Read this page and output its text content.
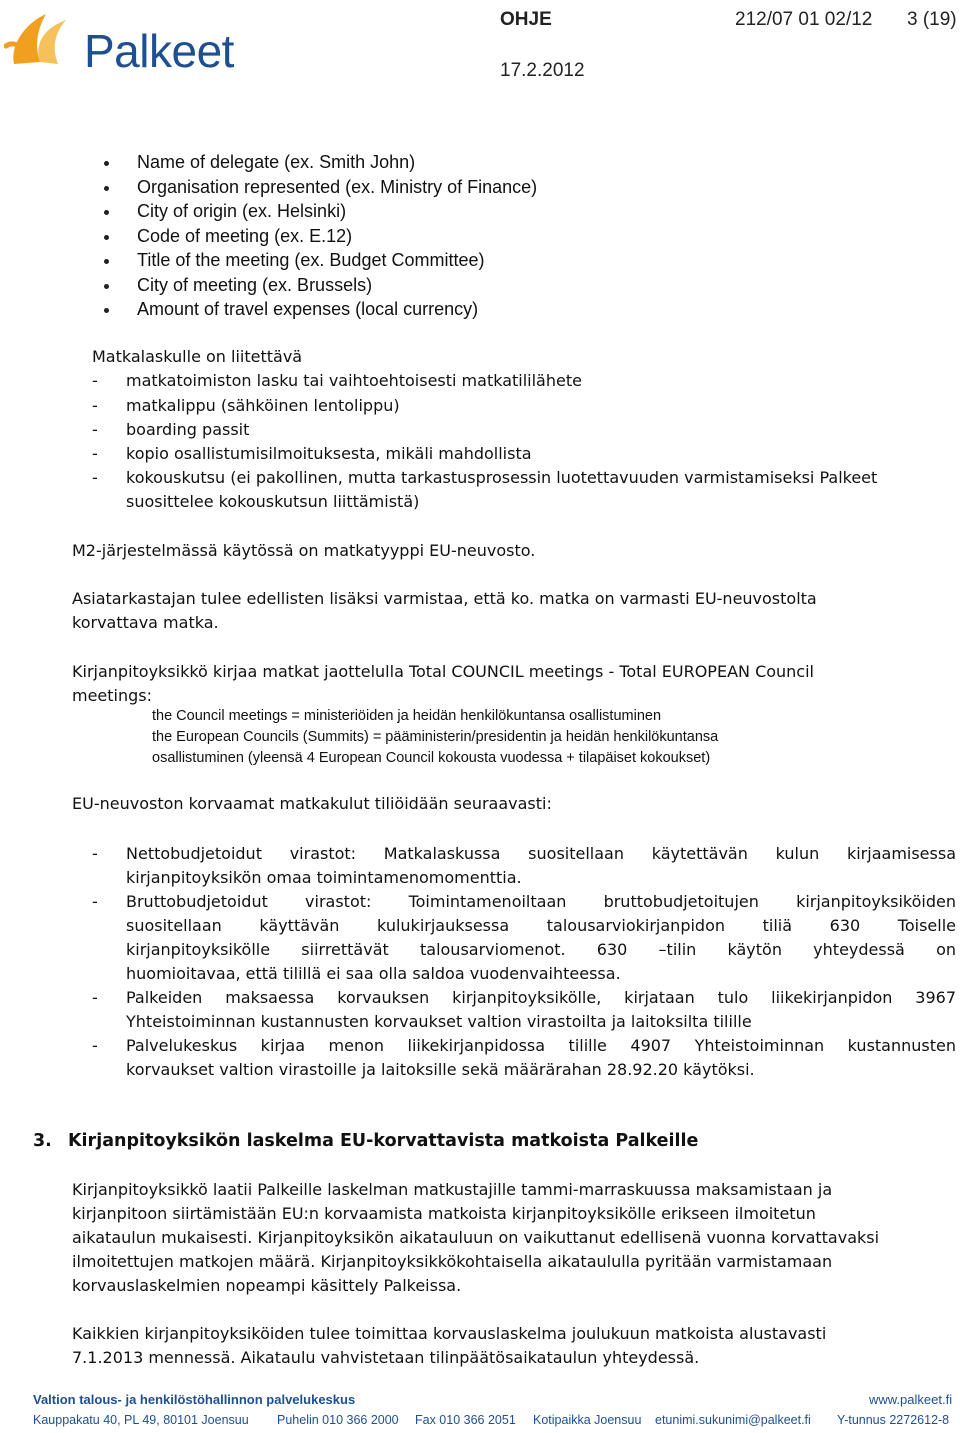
Palkeet
OHJE	212/07 01 02/12 3 (19)
17.2.2012
Name of delegate (ex. Smith John)
Organisation represented (ex. Ministry of Finance)
City of origin (ex. Helsinki)
Code of meeting (ex. E.12)
Title of the meeting (ex. Budget Committee)
City of meeting (ex. Brussels)
Amount of travel expenses (local currency)
Matkalaskulle on liitettävä
- matkatoimiston lasku tai vaihtoehtoisesti matkatililähete
- matkalippu (sähköinen lentolippu)
- boarding passit
- kopio osallistumisilmoituksesta, mikäli mahdollista
- kokouskutsu (ei pakollinen, mutta tarkastusprosessin luotettavuuden varmistamiseksi Palkeet
suosittelee kokouskutsun liittämistä)
M2-järjestelmässä käytössä on matkatyyppi EU-neuvosto.
Asiatarkastajan tulee edellisten lisäksi varmistaa, että ko. matka on varmasti EU-neuvostolta
korvattava matka.
Kirjanpitoyksikkö kirjaa matkat jaottelulla Total COUNCIL meetings - Total EUROPEAN Council
meetings:
the Council meetings = ministeriöiden ja heidän henkilökuntansa osallistuminen
the European Councils (Summits) = pääministerin/presidentin ja heidän henkilökuntansa
osallistuminen (yleensä 4 European Council kokousta vuodessa + tilapäiset kokoukset)
EU-neuvoston korvaamat matkakulut tiliöidään seuraavasti:
- Nettobudjetoidut virastot: Matkalaskussa suositellaan käytettävän kulun kirjaamisessa
kirjanpitoyksikön omaa toimintamenomomenttia.
- Bruttobudjetoidut virastot: Toimintamenoiltaan bruttobudjetoitujen kirjanpitoyksiköiden
suositellaan käyttävän kulukirjauksessa talousarviokirjanpidon tiliä 630 Toiselle
kirjanpitoyksikölle siirrettävät talousarviomenot. 630 –tilin käytön yhteydessä on
huomioitavaa, että tilillä ei saa olla saldoa vuodenvaihteessa.
- Palkeiden maksaessa korvauksen kirjanpitoyksikölle, kirjataan tulo liikekirjanpidon 3967
Yhteistoiminnan kustannusten korvaukset valtion virastoilta ja laitoksilta tilille
- Palvelukeskus kirjaa menon liikekirjanpidossa tilille 4907 Yhteistoiminnan kustannusten
korvaukset valtion virastoille ja laitoksille sekä määrärahan 28.92.20 käytöksi.
3. Kirjanpitoyksikön laskelma EU-korvattavista matkoista Palkeille
Kirjanpitoyksikkö laatii Palkeille laskelman matkustajille tammi-marraskuussa maksamistaan ja
kirjanpitoon siirtämistään EU:n korvaamista matkoista kirjanpitoyksikölle erikseen ilmoitetun
aikataulun mukaisesti. Kirjanpitoyksikön aikatauluun on vaikuttanut edellisenä vuonna korvattavaksi
ilmoitettujen matkojen määrä. Kirjanpitoyksikkökohtaisella aikataululla pyritään varmistamaan
korvauslaskelmien nopeampi käsittely Palkeissa.
Kaikkien kirjanpitoyksiköiden tulee toimittaa korvauslaskelma joulukuun matkoista alustavasti
7.1.2013 mennessä. Aikataulu vahvistetaan tilinpäätösaikataulun yhteydessä.
Valtion talous- ja henkilöstöhallinnon palvelukeskus	www.palkeet.fi
Kauppakatu 40, PL 49, 80101 Joensuu Puhelin 010 366 2000 Fax 010 366 2051 Kotipaikka Joensuu etunimi.sukunimi@palkeet.fi Y-tunnus 2272612-8
